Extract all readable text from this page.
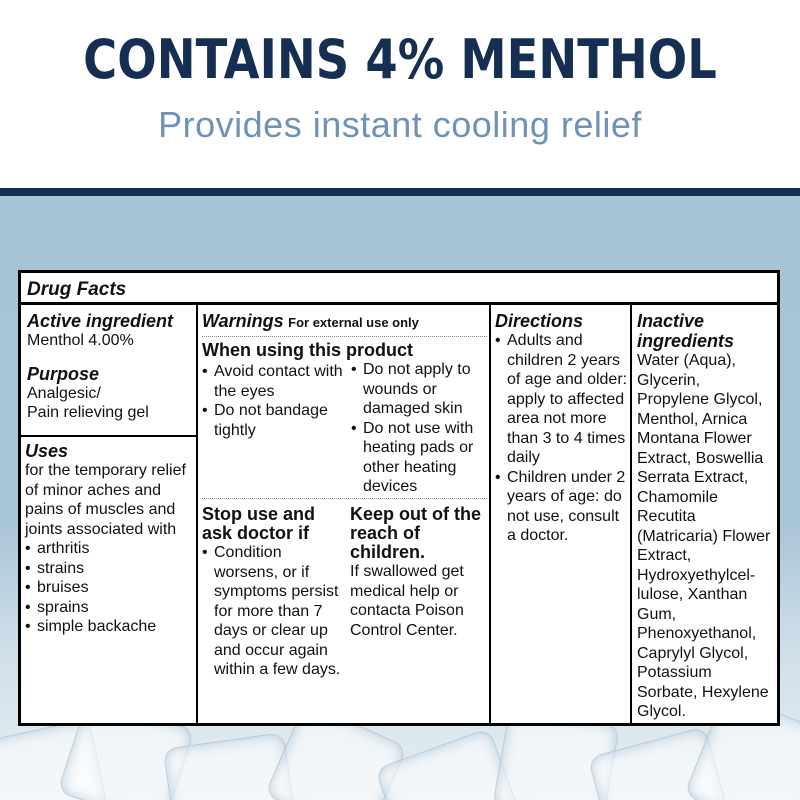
CONTAINS 4% MENTHOL
Provides instant cooling relief
Drug Facts
Active ingredient
Menthol 4.00%
Purpose
Analgesic/
Pain relieving gel
Uses
for the temporary relief of minor aches and pains of muscles and joints associated with
• arthritis
• strains
• bruises
• sprains
• simple backache
Warnings For external use only
When using this product
• Avoid contact with the eyes
• Do not bandage tightly
• Do not apply to wounds or damaged skin
• Do not use with heating pads or other heating devices
Stop use and ask doctor if
• Condition worsens, or if symptoms persist for more than 7 days or clear up and occur again within a few days.
Keep out of the reach of children.
If swallowed get medical help or contacta Poison Control Center.
Directions
• Adults and children 2 years of age and older: apply to affected area not more than 3 to 4 times daily
• Children under 2 years of age: do not use, consult a doctor.
Inactive ingredients
Water (Aqua), Glycerin, Propylene Glycol, Menthol, Arnica Montana Flower Extract, Boswellia Serrata Extract, Chamomile Recutita (Matricaria) Flower Extract, Hydroxyethylcel-lulose, Xanthan Gum, Phenoxyethanol, Caprylyl Glycol, Potassium Sorbate, Hexylene Glycol.
